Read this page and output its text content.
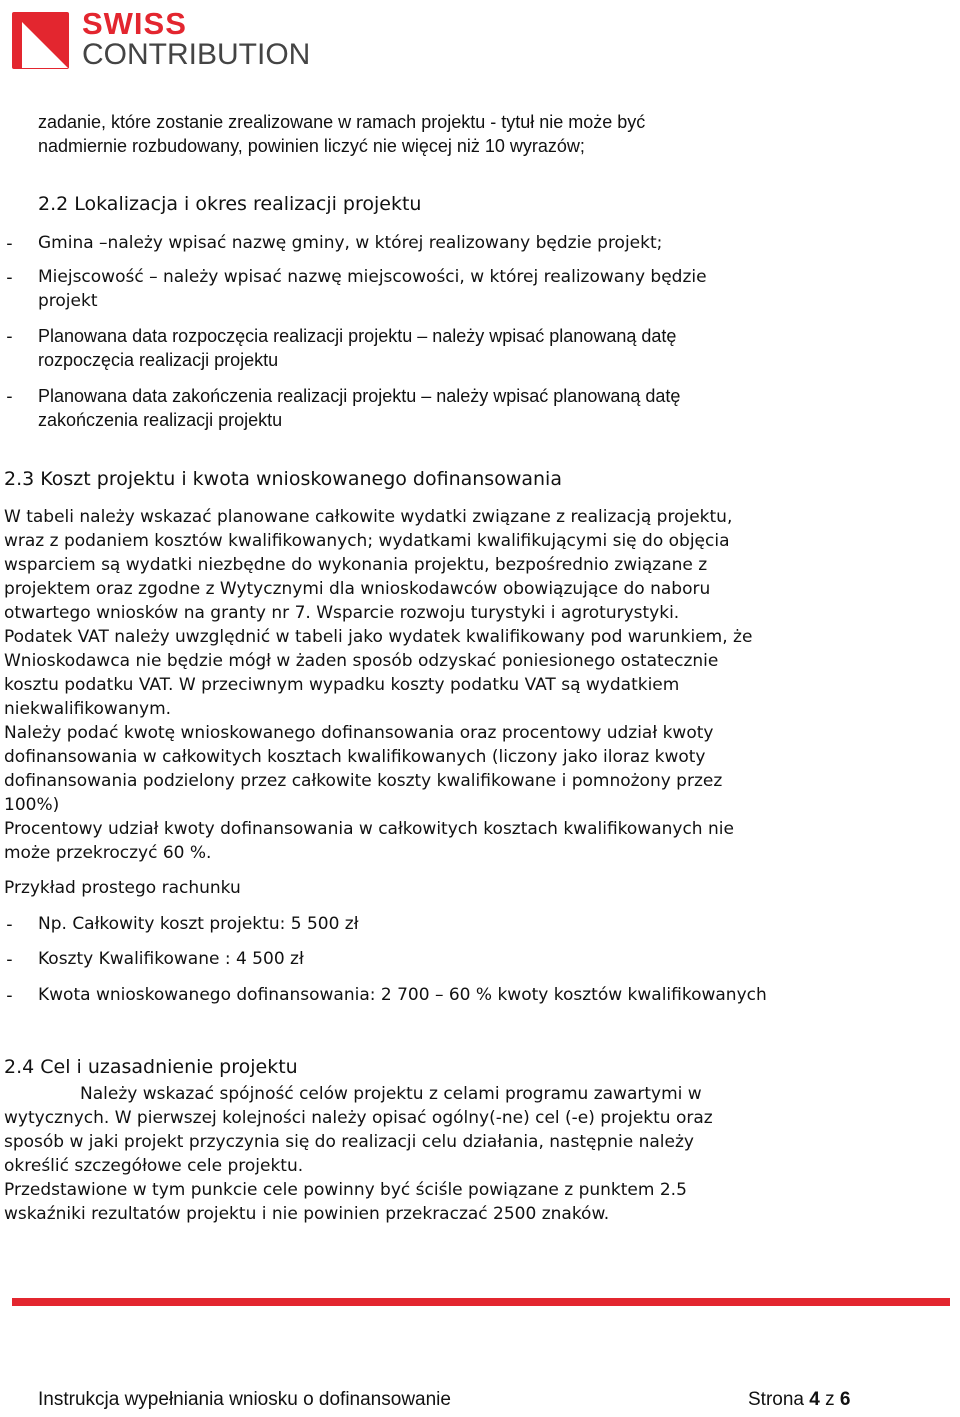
SWISS
CONTRIBUTION
zadanie, które zostanie zrealizowane w ramach projektu - tytuł nie może być
nadmiernie rozbudowany, powinien liczyć nie więcej niż 10 wyrazów;
2.2 Lokalizacja i okres realizacji projektu
- Gmina –należy wpisać nazwę gminy, w której realizowany będzie projekt;
- Miejscowość – należy wpisać nazwę miejscowości, w której realizowany będzie
projekt
- Planowana data rozpoczęcia realizacji projektu – należy wpisać planowaną datę
rozpoczęcia realizacji projektu
- Planowana data zakończenia realizacji projektu – należy wpisać planowaną datę
zakończenia realizacji projektu
2.3 Koszt projektu i kwota wnioskowanego dofinansowania
W tabeli należy wskazać planowane całkowite wydatki związane z realizacją projektu,
wraz z podaniem kosztów kwalifikowanych; wydatkami kwalifikującymi się do objęcia
wsparciem są wydatki niezbędne do wykonania projektu, bezpośrednio związane z
projektem oraz zgodne z Wytycznymi dla wnioskodawców obowiązujące do naboru
otwartego wniosków na granty nr 7. Wsparcie rozwoju turystyki i agroturystyki.
Podatek VAT należy uwzględnić w tabeli jako wydatek kwalifikowany pod warunkiem, że
Wnioskodawca nie będzie mógł w żaden sposób odzyskać poniesionego ostatecznie
kosztu podatku VAT. W przeciwnym wypadku koszty podatku VAT są wydatkiem
niekwalifikowanym.
Należy podać kwotę wnioskowanego dofinansowania oraz procentowy udział kwoty
dofinansowania w całkowitych kosztach kwalifikowanych (liczony jako iloraz kwoty
dofinansowania podzielony przez całkowite koszty kwalifikowane i pomnożony przez
100%)
Procentowy udział kwoty dofinansowania w całkowitych kosztach kwalifikowanych nie
może przekroczyć 60 %.
Przykład prostego rachunku
- Np. Całkowity koszt projektu: 5 500 zł
- Koszty Kwalifikowane : 4 500 zł
- Kwota wnioskowanego dofinansowania: 2 700 – 60 % kwoty kosztów kwalifikowanych
2.4 Cel i uzasadnienie projektu
Należy wskazać spójność celów projektu z celami programu zawartymi w
wytycznych. W pierwszej kolejności należy opisać ogólny(-ne) cel (-e) projektu oraz
sposób w jaki projekt przyczynia się do realizacji celu działania, następnie należy
określić szczegółowe cele projektu.
Przedstawione w tym punkcie cele powinny być ściśle powiązane z punktem 2.5
wskaźniki rezultatów projektu i nie powinien przekraczać 2500 znaków.
Instrukcja wypełniania wniosku o dofinansowanie	Strona 4 z 6
